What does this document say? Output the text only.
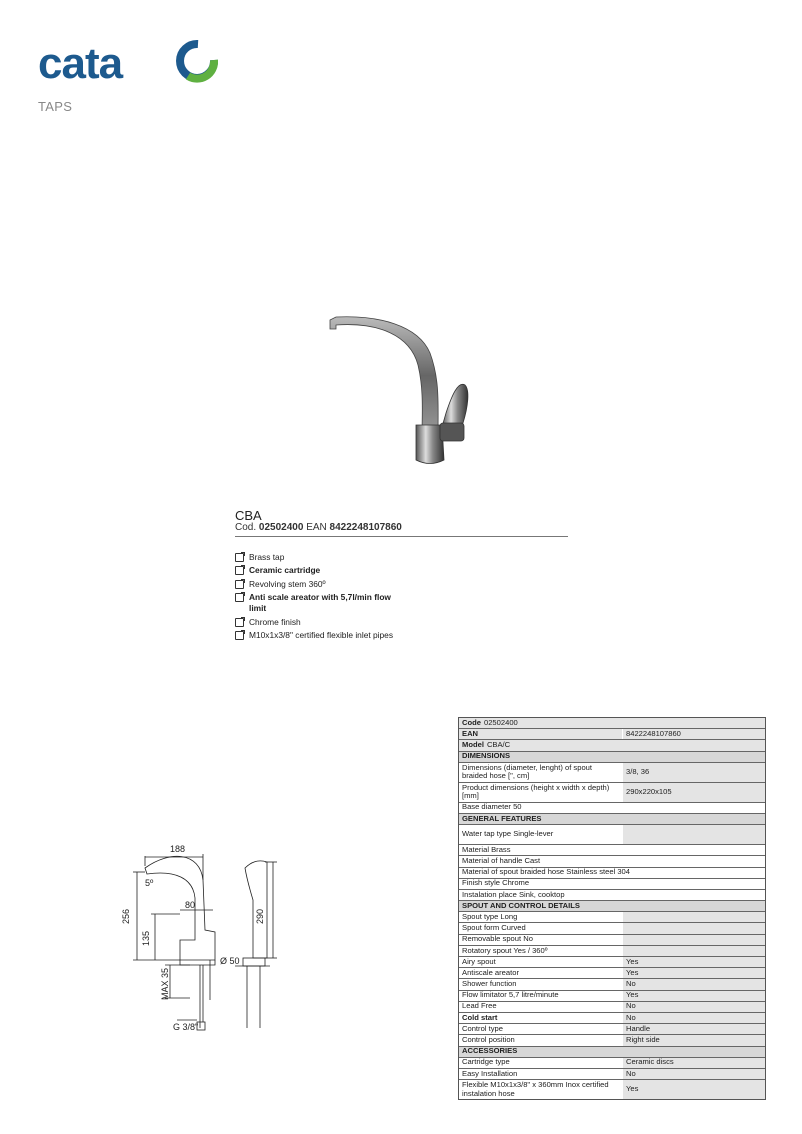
cata
TAPS
CBA
Cod. 02502400 EAN 8422248107860
Brass tap
Ceramic cartridge
Revolving stem 360º
Anti scale areator with 5,7l/min flow limit
Chrome finish
M10x1x3/8" certified flexible inlet pipes
188
5º
80
256
135
290
Ø 50
MAX 35
G 3/8"
Code 02502400
EAN	8422248107860
Model CBA/C
DIMENSIONS
Dimensions (diameter, lenght) of spout braided hose [", cm]	3/8, 36
Product dimensions (height x width x depth) [mm]	290x220x105
Base diameter 50
GENERAL FEATURES
Water tap type Single-lever
Material Brass
Material of handle Cast
Material of spout braided hose Stainless steel 304
Finish style Chrome
Instalation place Sink, cooktop
SPOUT AND CONTROL DETAILS
Spout type Long
Spout form Curved
Removable spout No
Rotatory spout Yes / 360º
Airy spout	Yes
Antiscale areator	Yes
Shower function	No
Flow limitator 5,7 litre/minute	Yes
Lead Free	No
Cold start	No
Control type	Handle
Control position	Right side
ACCESSORIES
Cartridge type	Ceramic discs
Easy Installation	No
Flexible M10x1x3/8" x 360mm Inox certified instalation hose	Yes
